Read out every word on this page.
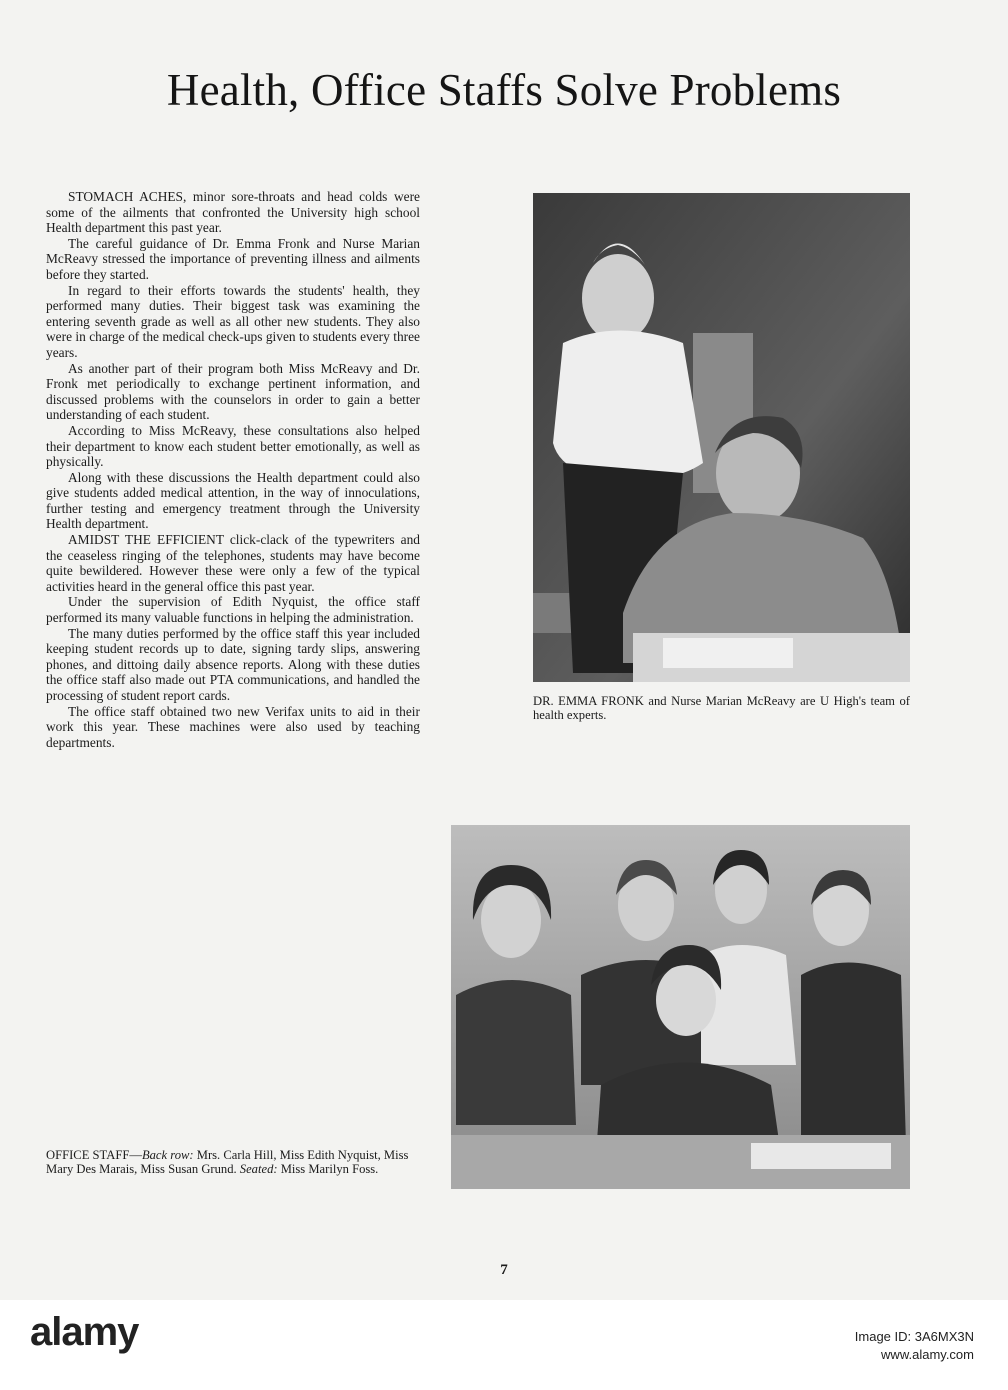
Health, Office Staffs Solve Problems

STOMACH ACHES, minor sore-throats and head colds were some of the ailments that confronted the University high school Health department this past year.

The careful guidance of Dr. Emma Fronk and Nurse Marian McReavy stressed the importance of preventing illness and ailments before they started.

In regard to their efforts towards the students' health, they performed many duties. Their biggest task was examining the entering seventh grade as well as all other new students. They also were in charge of the medical check-ups given to students every three years.

As another part of their program both Miss McReavy and Dr. Fronk met periodically to exchange pertinent information, and discussed problems with the counselors in order to gain a better understanding of each student.

According to Miss McReavy, these consultations also helped their department to know each student better emotionally, as well as physically.

Along with these discussions the Health department could also give students added medical attention, in the way of innoculations, further testing and emergency treatment through the University Health department.

AMIDST THE EFFICIENT click-clack of the typewriters and the ceaseless ringing of the telephones, students may have become quite bewildered. However these were only a few of the typical activities heard in the general office this past year.

Under the supervision of Edith Nyquist, the office staff performed its many valuable functions in helping the administration.

The many duties performed by the office staff this year included keeping student records up to date, signing tardy slips, answering phones, and dittoing daily absence reports. Along with these duties the office staff also made out PTA communications, and handled the processing of student report cards.

The office staff obtained two new Verifax units to aid in their work this year. These machines were also used by teaching departments.

DR. EMMA FRONK and Nurse Marian McReavy are U High's team of health experts.
OFFICE STAFF—Back row: Mrs. Carla Hill, Miss Edith Nyquist, Miss Mary Des Marais, Miss Susan Grund. Seated: Miss Marilyn Foss.
7
alamy	Image ID: 3A6MX3N
www.alamy.com
